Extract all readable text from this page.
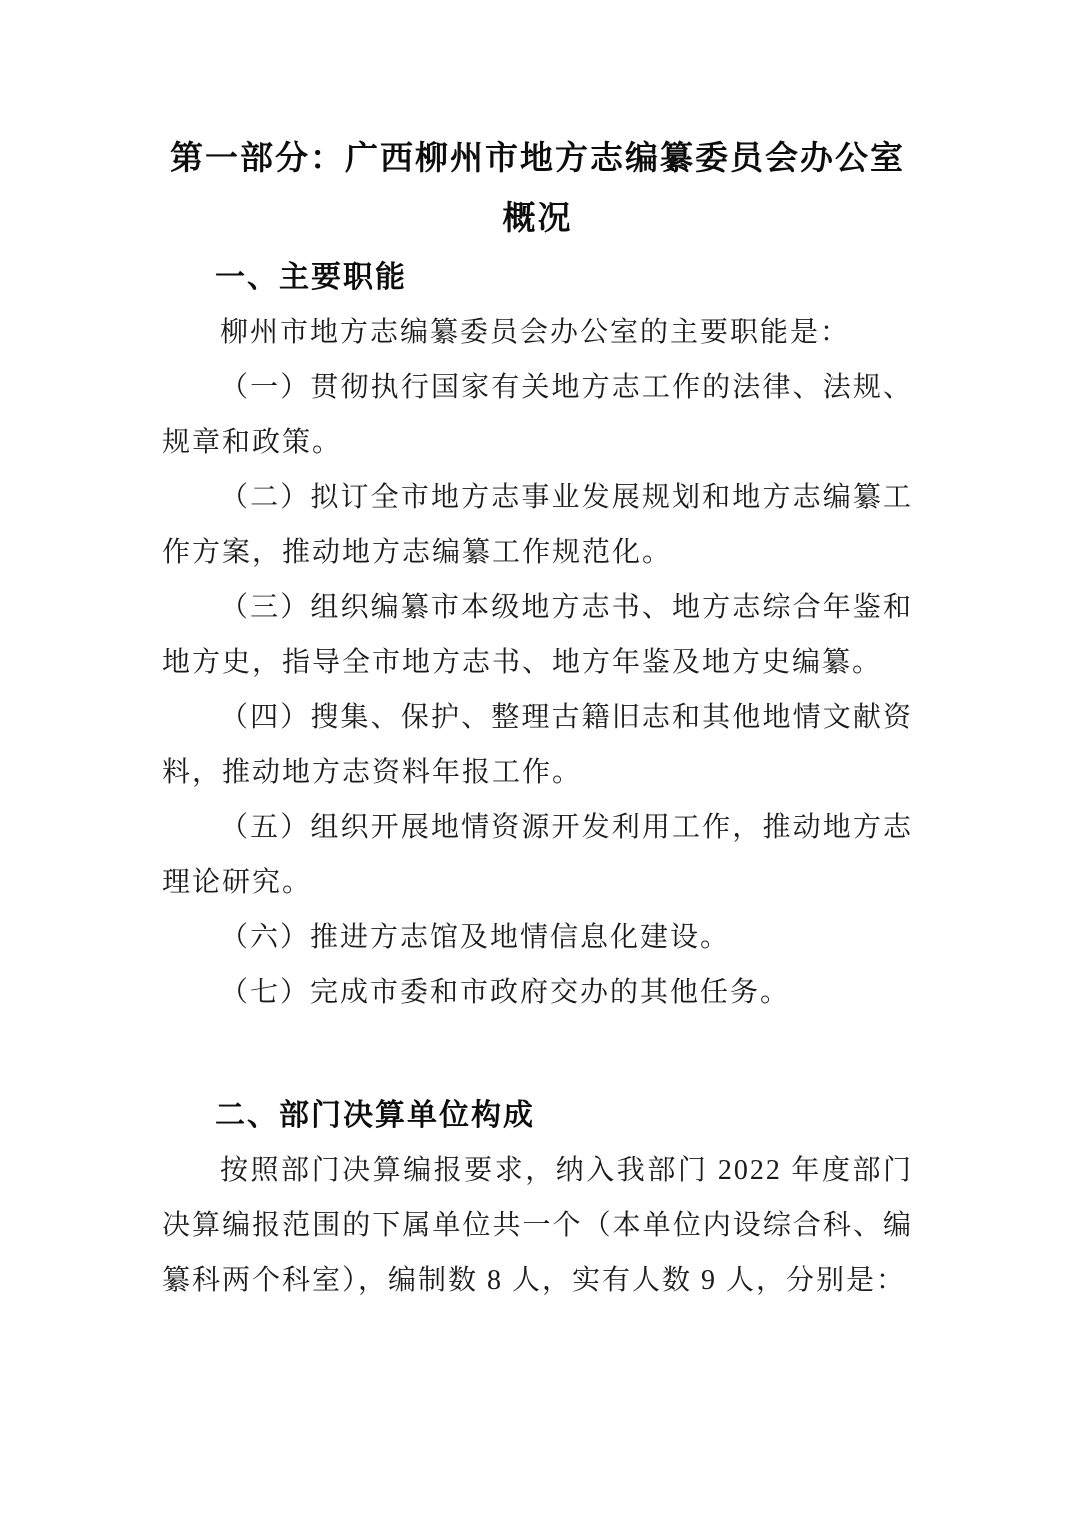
第一部分：广西柳州市地方志编纂委员会办公室
概况
一、主要职能

柳州市地方志编纂委员会办公室的主要职能是：

（一）贯彻执行国家有关地方志工作的法律、法规、规章和政策。

（二）拟订全市地方志事业发展规划和地方志编纂工作方案，推动地方志编纂工作规范化。

（三）组织编纂市本级地方志书、地方志综合年鉴和地方史，指导全市地方志书、地方年鉴及地方史编纂。

（四）搜集、保护、整理古籍旧志和其他地情文献资料，推动地方志资料年报工作。

（五）组织开展地情资源开发利用工作，推动地方志理论研究。

（六）推进方志馆及地情信息化建设。

（七）完成市委和市政府交办的其他任务。

二、部门决算单位构成

按照部门决算编报要求，纳入我部门 2022 年度部门决算编报范围的下属单位共一个（本单位内设综合科、编纂科两个科室），编制数 8 人，实有人数 9 人，分别是：
